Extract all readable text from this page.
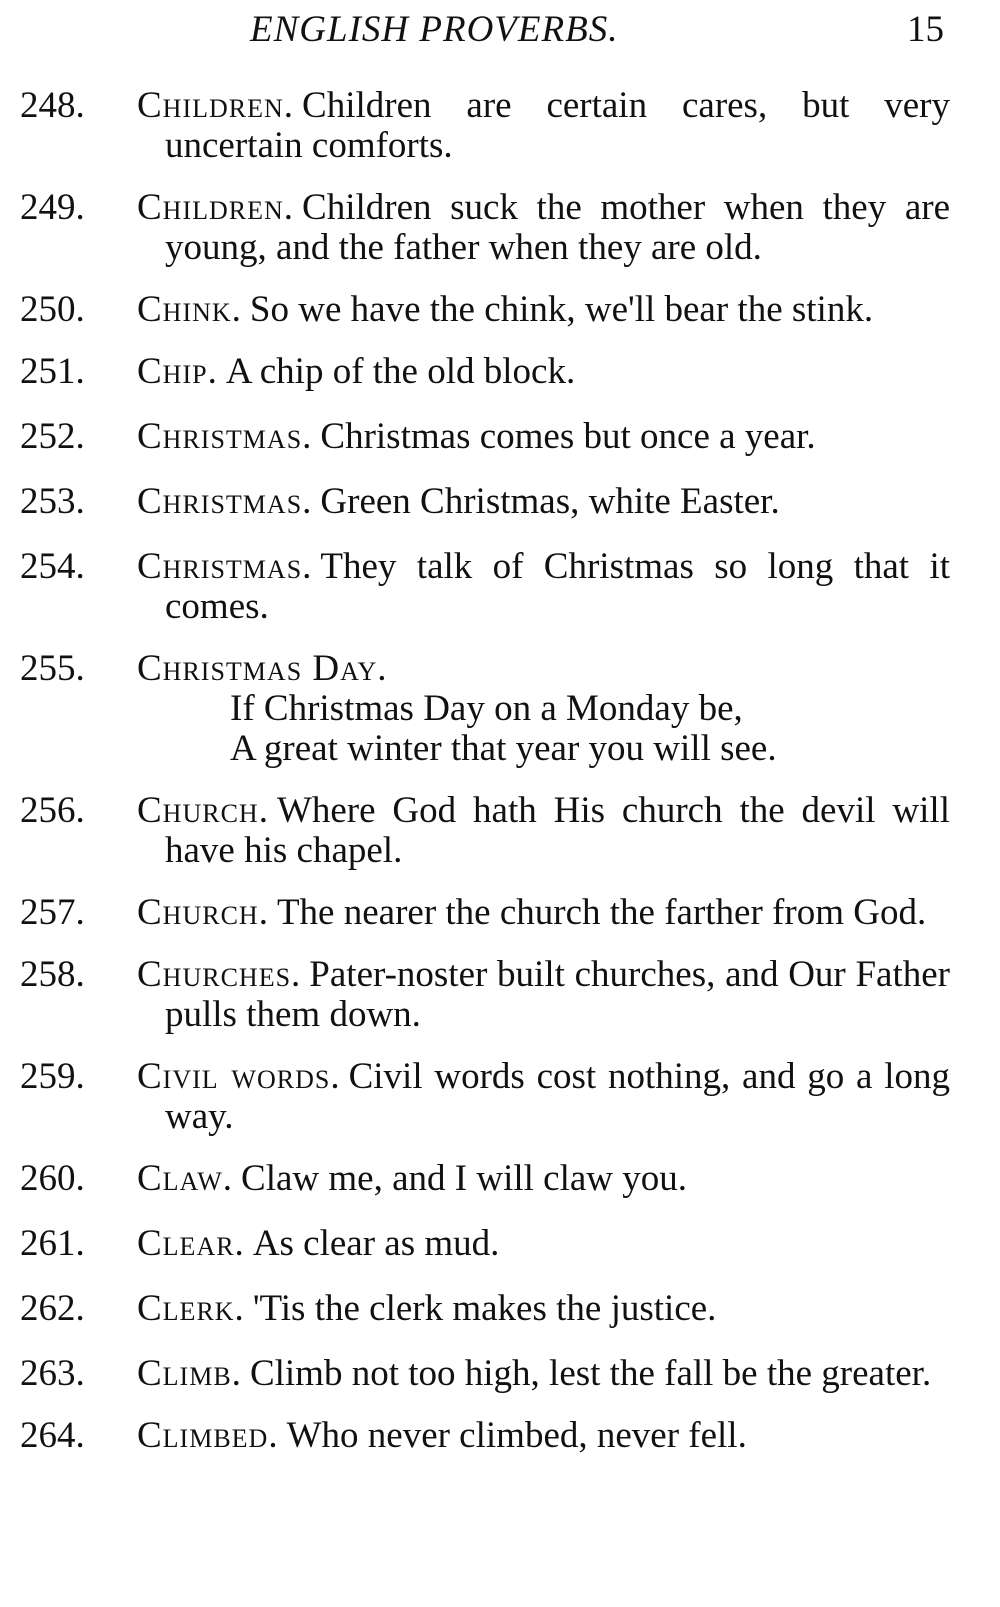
ENGLISH PROVERBS.	15
248. Children. Children are certain cares, but very uncertain comforts.
249. Children. Children suck the mother when they are young, and the father when they are old.
250. Chink. So we have the chink, we'll bear the stink.
251. Chip. A chip of the old block.
252. Christmas. Christmas comes but once a year.
253. Christmas. Green Christmas, white Easter.
254. Christmas. They talk of Christmas so long that it comes.
255. Christmas Day.
If Christmas Day on a Monday be,
A great winter that year you will see.
256. Church. Where God hath His church the devil will have his chapel.
257. Church. The nearer the church the farther from God.
258. Churches. Pater-noster built churches, and Our Father pulls them down.
259. Civil words. Civil words cost nothing, and go a long way.
260. Claw. Claw me, and I will claw you.
261. Clear. As clear as mud.
262. Clerk. 'Tis the clerk makes the justice.
263. Climb. Climb not too high, lest the fall be the greater.
264. Climbed. Who never climbed, never fell.
